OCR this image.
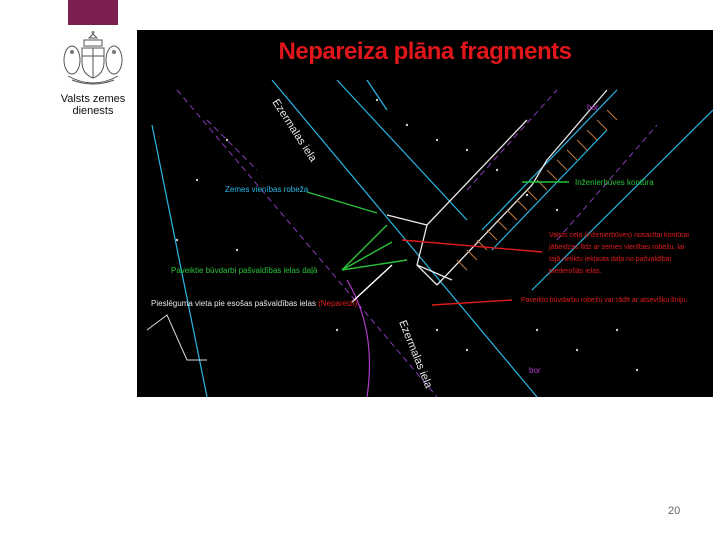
Valsts zemes dienests	Ezermalas iela
Ezermalas iela
Zemes vienības robeža
Paveiktie būvdarbi pašvaldības ielas daļā
Pieslēguma vieta pie esošas pašvaldības ielas (Nepareizi)
Inženierbūves kontūra
Valsts ceļa (inženierbūves) nosacītai kontūrai
jābeidzas līdz ar zemes vienības robežu, lai
tajā netiktu iekļauta daļa no pašvaldībai
piederošās ielas.
Paveikto būvdarbu robežu var rādīt ar atsevišķu līniju.
bor
bor
Nepareiza plāna fragments
20
